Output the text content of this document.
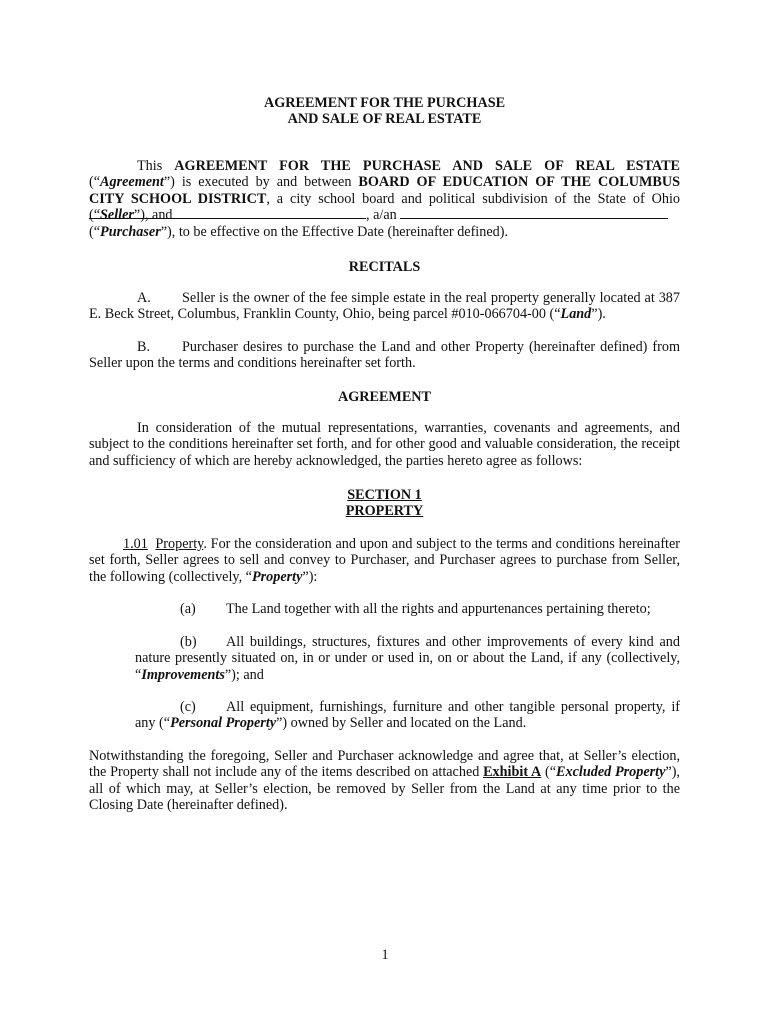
AGREEMENT FOR THE PURCHASE
AND SALE OF REAL ESTATE

This AGREEMENT FOR THE PURCHASE AND SALE OF REAL ESTATE (“Agreement”) is executed by and between BOARD OF EDUCATION OF THE COLUMBUS CITY SCHOOL DISTRICT, a city school board and political subdivision of the State of Ohio (“Seller”), and	, a/an

(“Purchaser”), to be effective on the Effective Date (hereinafter defined).

RECITALS

A. Seller is the owner of the fee simple estate in the real property generally located at 387 E. Beck Street, Columbus, Franklin County, Ohio, being parcel #010-066704-00 (“Land”).

B. Purchaser desires to purchase the Land and other Property (hereinafter defined) from Seller upon the terms and conditions hereinafter set forth.

AGREEMENT

In consideration of the mutual representations, warranties, covenants and agreements, and subject to the conditions hereinafter set forth, and for other good and valuable consideration, the receipt and sufficiency of which are hereby acknowledged, the parties hereto agree as follows:

SECTION 1
PROPERTY

1.01 Property. For the consideration and upon and subject to the terms and conditions hereinafter set forth, Seller agrees to sell and convey to Purchaser, and Purchaser agrees to purchase from Seller, the following (collectively, “Property”):

(a) The Land together with all the rights and appurtenances pertaining thereto;

(b) All buildings, structures, fixtures and other improvements of every kind and nature presently situated on, in or under or used in, on or about the Land, if any (collectively, “Improvements”); and

(c) All equipment, furnishings, furniture and other tangible personal property, if any (“Personal Property”) owned by Seller and located on the Land.

Notwithstanding the foregoing, Seller and Purchaser acknowledge and agree that, at Seller’s election, the Property shall not include any of the items described on attached Exhibit A (“Excluded Property”), all of which may, at Seller’s election, be removed by Seller from the Land at any time prior to the Closing Date (hereinafter defined).

1
